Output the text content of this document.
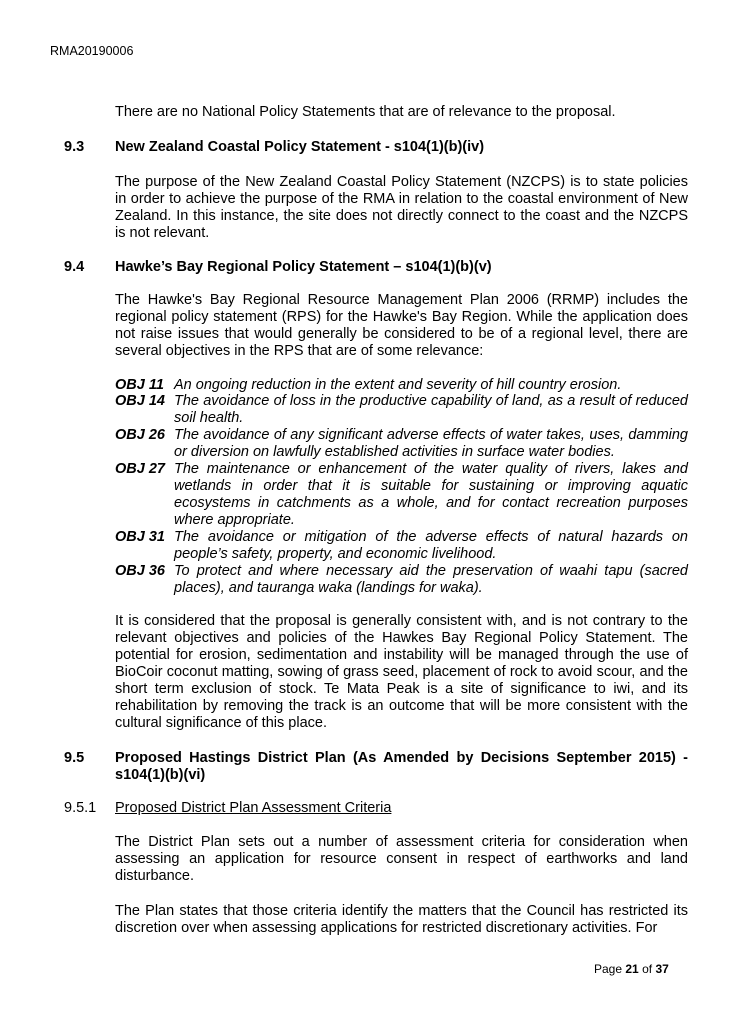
RMA20190006
There are no National Policy Statements that are of relevance to the proposal.
9.3 New Zealand Coastal Policy Statement - s104(1)(b)(iv)
The purpose of the New Zealand Coastal Policy Statement (NZCPS) is to state policies in order to achieve the purpose of the RMA in relation to the coastal environment of New Zealand. In this instance, the site does not directly connect to the coast and the NZCPS is not relevant.
9.4 Hawke’s Bay Regional Policy Statement – s104(1)(b)(v)
The Hawke's Bay Regional Resource Management Plan 2006 (RRMP) includes the regional policy statement (RPS) for the Hawke's Bay Region. While the application does not raise issues that would generally be considered to be of a regional level, there are several objectives in the RPS that are of some relevance:
OBJ 11 An ongoing reduction in the extent and severity of hill country erosion.
OBJ 14 The avoidance of loss in the productive capability of land, as a result of reduced soil health.
OBJ 26 The avoidance of any significant adverse effects of water takes, uses, damming or diversion on lawfully established activities in surface water bodies.
OBJ 27 The maintenance or enhancement of the water quality of rivers, lakes and wetlands in order that it is suitable for sustaining or improving aquatic ecosystems in catchments as a whole, and for contact recreation purposes where appropriate.
OBJ 31 The avoidance or mitigation of the adverse effects of natural hazards on people’s safety, property, and economic livelihood.
OBJ 36 To protect and where necessary aid the preservation of waahi tapu (sacred places), and tauranga waka (landings for waka).
It is considered that the proposal is generally consistent with, and is not contrary to the relevant objectives and policies of the Hawkes Bay Regional Policy Statement. The potential for erosion, sedimentation and instability will be managed through the use of BioCoir coconut matting, sowing of grass seed, placement of rock to avoid scour, and the short term exclusion of stock. Te Mata Peak is a site of significance to iwi, and its rehabilitation by removing the track is an outcome that will be more consistent with the cultural significance of this place.
9.5 Proposed Hastings District Plan (As Amended by Decisions September 2015) - s104(1)(b)(vi)
9.5.1 Proposed District Plan Assessment Criteria
The District Plan sets out a number of assessment criteria for consideration when assessing an application for resource consent in respect of earthworks and land disturbance.
The Plan states that those criteria identify the matters that the Council has restricted its discretion over when assessing applications for restricted discretionary activities. For
Page 21 of 37
